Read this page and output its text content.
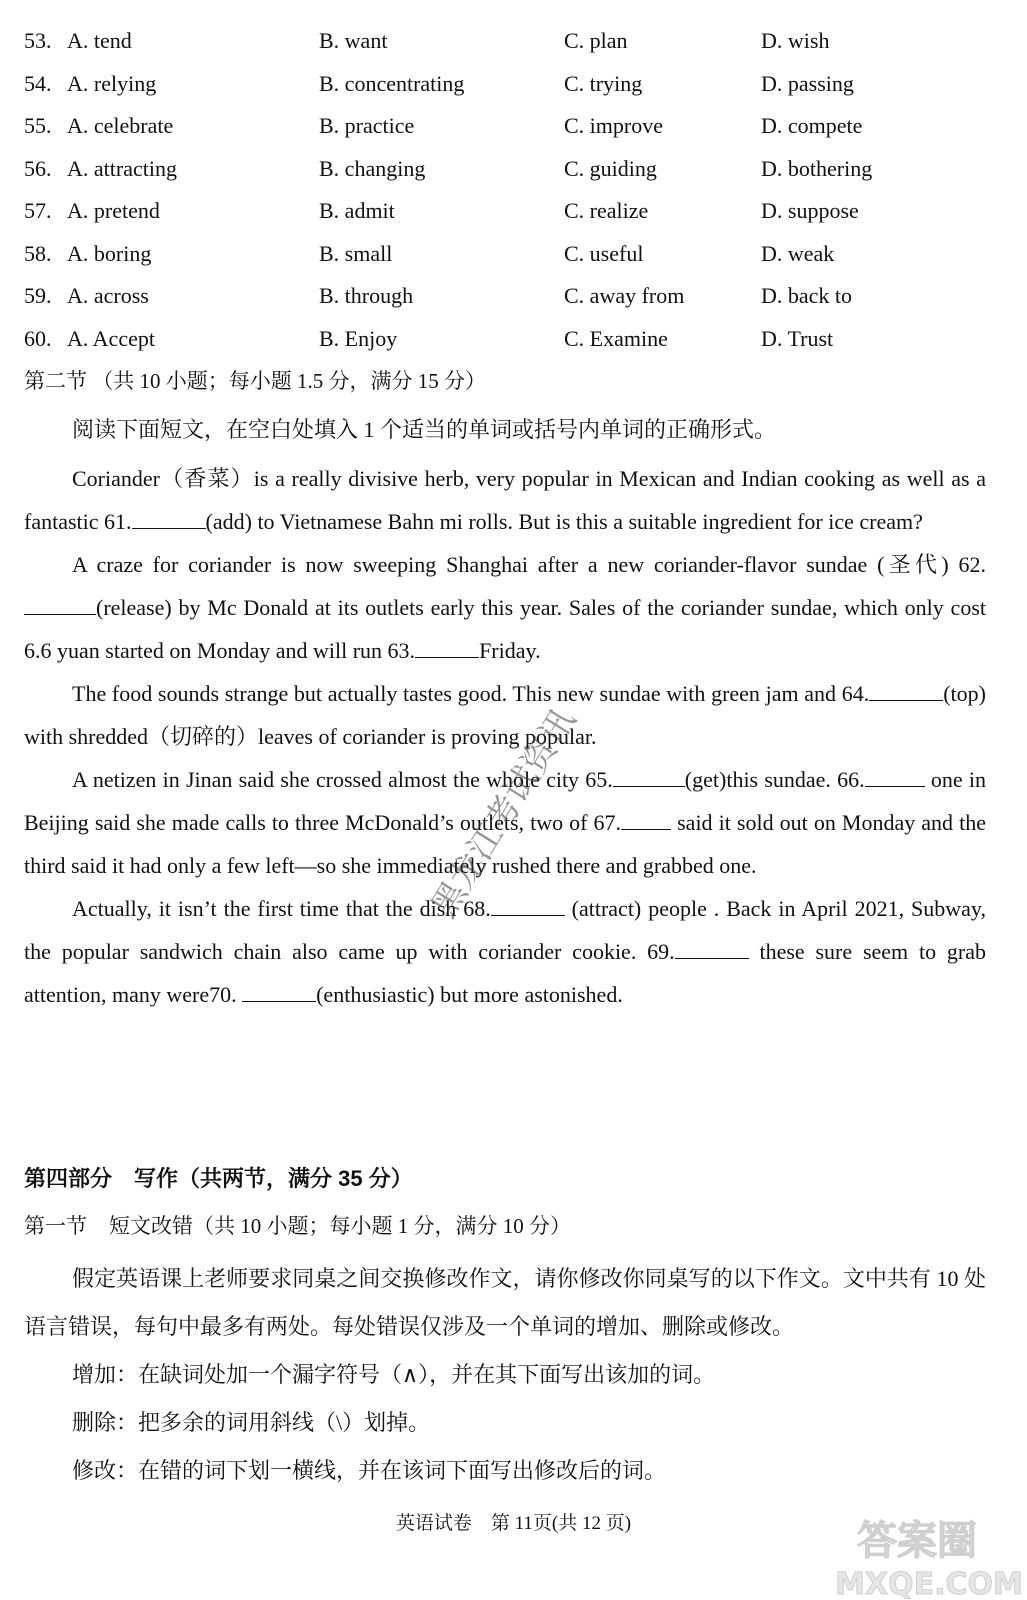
53. A. tend	B. want	C. plan	D. wish
54. A. relying	B. concentrating	C. trying	D. passing
55. A. celebrate	B. practice	C. improve	D. compete
56. A. attracting	B. changing	C. guiding	D. bothering
57. A. pretend	B. admit	C. realize	D. suppose
58. A. boring	B. small	C. useful	D. weak
59. A. across	B. through	C. away from	D. back to
60. A. Accept	B. Enjoy	C. Examine	D. Trust
第二节 （共 10 小题；每小题 1.5 分，满分 15 分）
阅读下面短文，在空白处填入 1 个适当的单词或括号内单词的正确形式。

Coriander（香菜）is a really divisive herb, very popular in Mexican and Indian cooking as well as a fantastic 61.	(add) to Vietnamese Bahn mi rolls. But is this a suitable ingredient for ice cream?

A craze for coriander is now sweeping Shanghai after a new coriander-flavor sundae (圣代) 62. (release) by Mc Donald at its outlets early this year. Sales of the coriander sundae, which only cost 6.6 yuan started on Monday and will run 63.	Friday.

The food sounds strange but actually tastes good. This new sundae with green jam and 64.	(top) with shredded（切碎的）leaves of coriander is proving popular.

A netizen in Jinan said she crossed almost the whole city 65.	(get)this sundae. 66.	one in Beijing said she made calls to three McDonald’s outlets, two of 67. said it sold out on Monday and the third said it had only a few left—so she immediately rushed there and grabbed one.

Actually, it isn’t the first time that the dish 68.	(attract) people . Back in April 2021, Subway, the popular sandwich chain also came up with coriander cookie. 69.	these sure seem to grab attention, many were70.	(enthusiastic) but more astonished.

第四部分 写作（共两节，满分 35 分）
第一节 短文改错（共 10 小题；每小题 1 分，满分 10 分）

假定英语课上老师要求同桌之间交换修改作文，请你修改你同桌写的以下作文。文中共有 10 处语言错误，每句中最多有两处。每处错误仅涉及一个单词的增加、删除或修改。

增加：在缺词处加一个漏字符号（∧），并在其下面写出该加的词。
删除：把多余的词用斜线（\）划掉。
修改：在错的词下划一横线，并在该词下面写出修改后的词。
英语试卷　第 11页(共 12 页)
黑龙江考试资讯
答案圈
MXQE.COM
